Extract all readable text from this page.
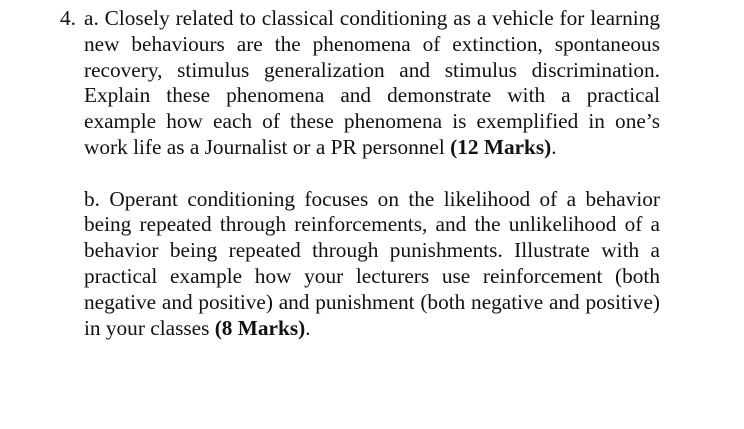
4. a. Closely related to classical conditioning as a vehicle for learning new behaviours are the phenomena of extinction, spontaneous recovery, stimulus generalization and stimulus discrimination. Explain these phenomena and demonstrate with a practical example how each of these phenomena is exemplified in one’s work life as a Journalist or a PR personnel (12 Marks).

b. Operant conditioning focuses on the likelihood of a behavior being repeated through reinforcements, and the unlikelihood of a behavior being repeated through punishments. Illustrate with a practical example how your lecturers use reinforcement (both negative and positive) and punishment (both negative and positive) in your classes (8 Marks).
